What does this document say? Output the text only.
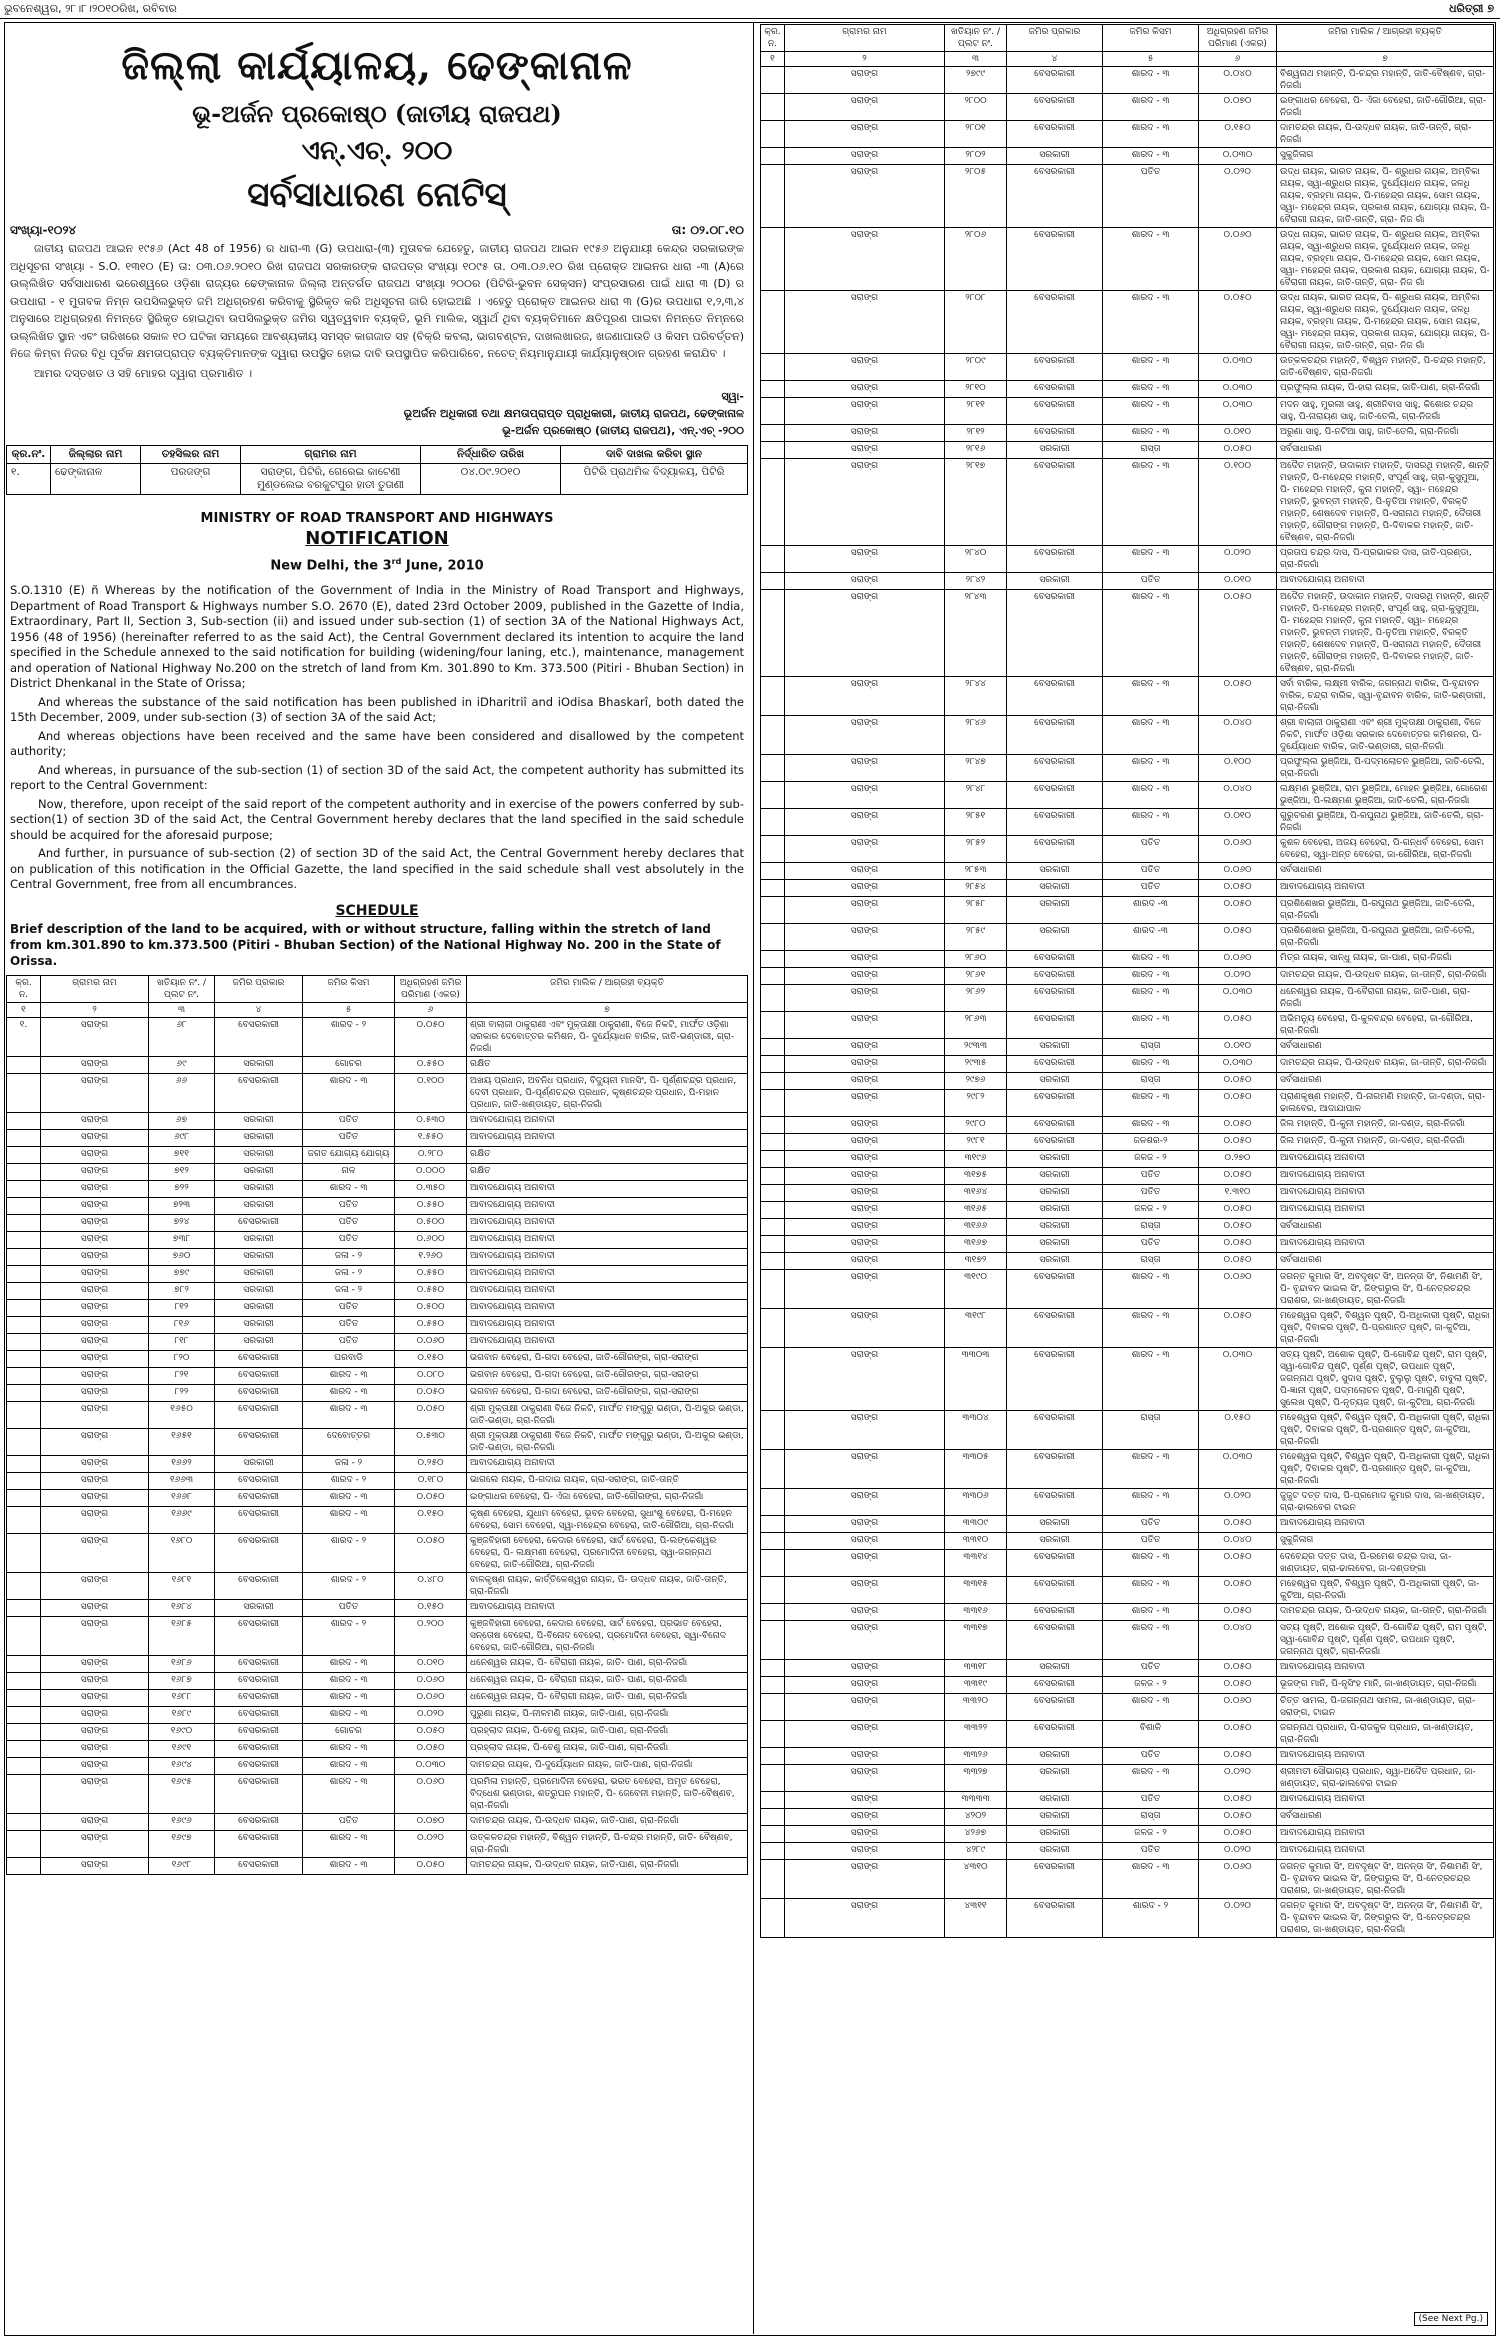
ଭୁବନେଶ୍ୱର, ୨୮।୮।୨୦୧୦ରିଖ, ରବିବାର	ଧରିତ୍ରୀ ୭
ଜିଲ୍ଲା କାର୍ଯ୍ୟାଳୟ, ଢେଙ୍କାନାଳ
ଭୂ-ଅର୍ଜନ ପ୍ରକୋଷ୍ଠ (ଜାତୀୟ ରାଜପଥ)
ଏନ୍.ଏଚ୍. ୨୦୦
ସର୍ବସାଧାରଣ ନୋଟିସ୍
ସଂଖ୍ୟା-୧୦୨୪	ତା: ୦୨.୦୮.୧୦

ଜାତୀୟ ରାଜପଥ ଆଇନ ୧୯୫୬ (Act 48 of 1956) ର ଧାରା-୩ (G) ଉପଧାରା-(୩) ମୁତାବକ ଯେହେତୁ, ଜାତୀୟ ରାଜପଥ ଆଇନ ୧୯୫୬ ଅନୁଯାୟୀ କେନ୍ଦ୍ର ସରକାରଙ୍କ ଅଧିସୂଚନା ସଂଖ୍ୟା - S.O. ୧୩୧୦ (E) ତା: ୦୩.୦୬.୨୦୧୦ ରିଖ ରାଜପଥ ସରକାରଙ୍କ ରାଜପତ୍ର ସଂଖ୍ୟା ୧୦୯୫ ତା. ୦୩.୦୬.୧୦ ରିଖ ପ୍ରୋକ୍ତ ଆଇନର ଧାରା -୩ (A)ରେ ଉଲ୍ଲିଖିତ ସର୍ବସାଧାରଣ ଭରେଶ୍ୱରେ ଓଡ଼ିଶା ରାଜ୍ୟର ଢେଙ୍କାନାଳ ଜିଲ୍ଲା ଅନ୍ତର୍ଗତ ରାଜପଥ ସଂଖ୍ୟା ୨୦୦ର (ପିଟିରି-ଭୁବନ ସେକ୍ସନ) ସଂପ୍ରସାରଣ ପାଇଁ ଧାରା ୩ (D) ର ଉପଧାରା - ୧ ମୁତାବକ ନିମ୍ନ ଉପସିଲଭୁକ୍ତ ଜମି ଅଧିଗ୍ରହଣ କରିବାକୁ ସ୍ଥିରିକୃତ କରି ଅଧିସୂଚନା ଜାରି ହୋଇଅଛି । ଏହେତୁ ପ୍ରୋକ୍ତ ଆଇନର ଧାରା ୩ (G)ର ଉପଧାରା ୧,୨,୩,୪ ଅନୁସାରେ ଅଧିଗ୍ରହଣ ନିମନ୍ତେ ସ୍ଥିରିକୃତ ହୋଇଥିବା ଉପସିଲଭୁକ୍ତ ଜମିର ସ୍ୱତ୍ୱବାନ ବ୍ୟକ୍ତି, ଭୂମି ମାଲିକ, ସ୍ୱାର୍ଥ ଥିବା ବ୍ୟକ୍ତିମାନେ କ୍ଷତିପୂରଣ ପାଇବା ନିମନ୍ତେ ନିମ୍ନରେ ଉଲ୍ଲିଖିତ ସ୍ଥାନ ଏବଂ ତାରିଖରେ ସକାଳ ୧୦ ଘଟିକା ସମୟରେ ଆବଶ୍ୟକୀୟ ସମସ୍ତ କାଗଜାତ ସହ (ବିକ୍ରି କବଲା, ଭାଗବଣ୍ଟନ, ଦାଖଲଖାରଜ, ଖଜଣାପାଉତି ଓ କିସମ ପରିବର୍ତ୍ତନ) ନିଜେ କିମ୍ବା ନିଜର ବିଧି ପୂର୍ବକ କ୍ଷମତାପ୍ରାପ୍ତ ବ୍ୟକ୍ତିମାନଙ୍କ ଦ୍ୱାରା ଉପସ୍ଥିତ ହୋଇ ଦାବି ଉପସ୍ଥାପିତ କରିପାରିବେ, ନଚେତ୍ ନିୟମାନୁଯାୟୀ କାର୍ଯ୍ୟାନୁଷ୍ଠାନ ଗ୍ରହଣ କରାଯିବ ।

ଆମର ଦସ୍ତଖତ ଓ ସହି ମୋହର ଦ୍ୱାରା ପ୍ରମାଣିତ ।

ସ୍ୱା-
ଭୂଅର୍ଜନ ଅଧିକାରୀ ତଥା କ୍ଷମତାପ୍ରାପ୍ତ ପ୍ରାଧିକାରୀ, ଜାତୀୟ ରାଜପଥ, ଢେଙ୍କାନାଳ
ଭୂ-ଅର୍ଜନ ପ୍ରକୋଷ୍ଠ (ଜାତୀୟ ରାଜପଥ), ଏନ୍.ଏଚ୍ -୨୦୦
କ୍ର.ନଂ.	ଜିଲ୍ଲାର ନାମ	ତହସିଲର ନାମ	ଗ୍ରାମର ନାମ	ନିର୍ଦ୍ଧାରିତ ତାରିଖ	ଦାବି ଦାଖଲ କରିବା ସ୍ଥାନ
୧.	ଢେଙ୍କାନାଳ	ପରଜଙ୍ଗ	ସରାଙ୍ଗ, ପିଟିରି, ଗେରେଇ କାଟେଣୀ ମୁଣ୍ଡଲେଇ ବରକୁଟପୁର ହାତୀ ତୁତାଣୀ	୦୪.୦୯.୨୦୧୦	ପିଟିରି ପ୍ରାଥମିକ ବିଦ୍ୟାଳୟ, ପିଟିରି
MINISTRY OF ROAD TRANSPORT AND HIGHWAYS
NOTIFICATION
New Delhi, the 3rd June, 2010

S.O.1310 (E) ñ Whereas by the notification of the Government of India in the Ministry of Road Transport and Highways, Department of Road Transport & Highways number S.O. 2670 (E), dated 23rd October 2009, published in the Gazette of India, Extraordinary, Part II, Section 3, Sub-section (ii) and issued under sub-section (1) of section 3A of the National Highways Act, 1956 (48 of 1956) (hereinafter referred to as the said Act), the Central Government declared its intention to acquire the land specified in the Schedule annexed to the said notification for building (widening/four laning, etc.), maintenance, management and operation of National Highway No.200 on the stretch of land from Km. 301.890 to Km. 373.500 (Pitiri - Bhuban Section) in District Dhenkanal in the State of Orissa;

And whereas the substance of the said notification has been published in iDharitriî and iOdisa Bhaskarî, both dated the 15th December, 2009, under sub-section (3) of section 3A of the said Act;

And whereas objections have been received and the same have been considered and disallowed by the competent authority;

And whereas, in pursuance of the sub-section (1) of section 3D of the said Act, the competent authority has submitted its report to the Central Government:

Now, therefore, upon receipt of the said report of the competent authority and in exercise of the powers conferred by sub-section(1) of section 3D of the said Act, the Central Government hereby declares that the land specified in the said schedule should be acquired for the aforesaid purpose;

And further, in pursuance of sub-section (2) of section 3D of the said Act, the Central Government hereby declares that on publication of this notification in the Official Gazette, the land specified in the said schedule shall vest absolutely in the Central Government, free from all encumbrances.

SCHEDULE
Brief description of the land to be acquired, with or without structure, falling within the stretch of land from km.301.890 to km.373.500 (Pitiri - Bhuban Section) of the National Highway No. 200 in the State of Orissa.
କ୍ର. ନ.	ଗ୍ରାମର ନାମ	ଖତିୟାନ ନଂ. / ପ୍ଲଟ ନଂ.	ଜମିର ପ୍ରକାର	ଜମିର କିସମ	ଅଧିଗ୍ରହଣ ଜମିର ପରିମାଣ (ଏକର)	ଜମିର ମାଲିକ / ଆଗ୍ରହୀ ବ୍ୟକ୍ତି
୧	୨	୩	୪	୫	୬	୭
୧.	ସରାଙ୍ଗ	୬୮	ବେସରକାରୀ	ଶାରଦ - ୨	୦.୦୫୦	ଶ୍ରୀ ବାଲାଜୀ ଠାକୁରାଣୀ ଏବଂ ମୁକ୍ତାକ୍ଷୀ ଠାକୁରାଣୀ, ବିଜେ ନିକଟି, ମାର୍ଫତ ଓଡ଼ିଶା ସରକାର ଦେବୋତ୍ତର କମିଶନ, ପି- ଦୁର୍ଯ୍ୟୋଧନ ବାରିକ, ଜାତି-ଭଣ୍ଡାରୀ, ଗ୍ରା- ନିଜଗାଁ
	ସରାଙ୍ଗ	୬୯	ସରକାରୀ	ଗୋଚର	୦.୫୫୦	ରକ୍ଷିତ
	ସରାଙ୍ଗ	୬୬	ବେସରକାରୀ	ଶାରଦ - ୩	୦.୧୦୦	ଅଖୟ ପ୍ରଧାନ, ଅବନିଧ ପ୍ରଧାନ, ବିଦ୍ୟୁନୀ ମାନସିଂ, ପି- ପୂର୍ଣ୍ଣଚନ୍ଦ୍ର ପ୍ରଧାନ, ଦେବୀ ପ୍ରଧାନ, ପି-ପୂର୍ଣ୍ଣଚନ୍ଦ୍ର ପ୍ରଧାନ, କୃଷ୍ଣଚନ୍ଦ୍ର ପ୍ରଧାନ, ପି-ମହାନ ପ୍ରଧାନ, ଜାତି-ଖଣ୍ଡାୟତ, ଗ୍ରା-ନିଜଗାଁ
	ସରାଙ୍ଗ	୬୭	ସରକାରୀ	ପତିତ	୦.୫୩୦	ଆବାଦଯୋଗ୍ୟ ଅନାବାଦୀ
	ସରାଙ୍ଗ	୬୯୮	ସରକାରୀ	ପତିତ	୧.୫୫୦	ଆବାଦଯୋଗ୍ୟ ଅନାବାଦୀ
	ସରାଙ୍ଗ	୭୧୧	ସରକାରୀ	ଜଗତ ଯୋଗ୍ୟ ଯୋଗ୍ୟ	୦.୨୮୦	ରକ୍ଷିତ
	ସରାଙ୍ଗ	୭୧୨	ସରକାରୀ	ନାଳ	୦.୦୦୦	ରକ୍ଷିତ
	ସରାଙ୍ଗ	୭୨୨	ସରକାରୀ	ଶାରଦ - ୩	୦.୩୫୦	ଆବାଦଯୋଗ୍ୟ ଅନାବାଦୀ
	ସରାଙ୍ଗ	୭୨୩	ସରକାରୀ	ପତିତ	୦.୫୫୦	ଆବାଦଯୋଗ୍ୟ ଅନାବାଦୀ
	ସରାଙ୍ଗ	୭୨୪	ବେସରକାରୀ	ପତିତ	୦.୫୦୦	ଆବାଦଯୋଗ୍ୟ ଅନାବାଦୀ
	ସରାଙ୍ଗ	୭୩୮	ସରକାରୀ	ପତିତ	୦.୬୦୦	ଆବାଦଯୋଗ୍ୟ ଅନାବାଦୀ
	ସରାଙ୍ଗ	୭୬୦	ସରକାରୀ	ଜଳା - ୨	୧.୨୬୦	ଆବାଦଯୋଗ୍ୟ ଅନାବାଦୀ
	ସରାଙ୍ଗ	୭୭୯	ସରକାରୀ	ଜଳା - ୨	୦.୫୫୦	ଆବାଦଯୋଗ୍ୟ ଅନାବାଦୀ
	ସରାଙ୍ଗ	୭୮୨	ସରକାରୀ	ଜଳା - ୨	୦.୫୫୦	ଆବାଦଯୋଗ୍ୟ ଅନାବାଦୀ
	ସରାଙ୍ଗ	୮୧୨	ସରକାରୀ	ପତିତ	୦.୫୦୦	ଆବାଦଯୋଗ୍ୟ ଅନାବାଦୀ
	ସରାଙ୍ଗ	୮୧୬	ସରକାରୀ	ପତିତ	୦.୫୫୦	ଆବାଦଯୋଗ୍ୟ ଅନାବାଦୀ
	ସରାଙ୍ଗ	୮୧୮	ସରକାରୀ	ପତିତ	୦.୦୬୦	ଆବାଦଯୋଗ୍ୟ ଅନାବାଦୀ
	ସରାଙ୍ଗ	୮୨୦	ବେସରକାରୀ	ଘରବାଡି	୦.୧୫୦	ଭଗବାନ ବେହେରା, ପି-ଗଦା ବେହେରା, ଜାତି-ଗୌରଙ୍ଗ, ଗ୍ରା-ସରାଙ୍ଗ
	ସରାଙ୍ଗ	୮୨୧	ବେସରକାରୀ	ଶାରଦ - ୩	୦.୦୮୦	ଭଗବାନ ବେହେରା, ପି-ଗଦା ବେହେରା, ଜାତି-ଗୌରଙ୍ଗ, ଗ୍ରା-ସରାଙ୍ଗ
	ସରାଙ୍ଗ	୮୨୨	ବେସରକାରୀ	ଶାରଦ - ୩	୦.୦୫୦	ଭଗବାନ ବେହେରା, ପି-ଗଦା ବେହେରା, ଜାତି-ଗୌରଙ୍ଗ, ଗ୍ରା-ସରାଙ୍ଗ
	ସରାଙ୍ଗ	୧୬୫୦	ବେସରକାରୀ	ଶାରଦ - ୩	୦.୦୫୦	ଶ୍ରୀ ମୁକ୍ତାକ୍ଷୀ ଠାକୁରାଣୀ ବିଜେ ନିକଟି, ମାର୍ଫତ ମଙ୍ଗୁରୁ ଭଣ୍ଡା, ପି-ଅକୁର ଭଣ୍ଡା, ଜାତି-ଭଣ୍ଡା, ଗ୍ରା-ନିଜଗାଁ
	ସରାଙ୍ଗ	୧୬୫୧	ବେସରକାରୀ	ଦେବୋତ୍ତର	୦.୫୩୦	ଶ୍ରୀ ମୁକ୍ତାକ୍ଷୀ ଠାକୁରାଣୀ ବିଜେ ନିକଟି, ମାର୍ଫତ ମଙ୍ଗୁରୁ ଭଣ୍ଡା, ପି-ଅକୁର ଭଣ୍ଡା, ଜାତି-ଭଣ୍ଡା, ଗ୍ରା-ନିଜଗାଁ
	ସରାଙ୍ଗ	୧୬୬୨	ସରକାରୀ	ଜଳା - ୨	୦.୨୫୦	ଆବାଦଯୋଗ୍ୟ ଅନାବାଦୀ
	ସରାଙ୍ଗ	୧୬୬୩	ବେସରକାରୀ	ଶାରଦ - ୨	୦.୧୮୦	ଭାଗଲେ ନାୟକ, ପି-ଗଦାଇ ନାୟକ, ଗ୍ରା-ସରାଙ୍ଗ, ଜାତି-ତାନ୍ତି
	ସରାଙ୍ଗ	୧୬୬୮	ବେସରକାରୀ	ଶାରଦ - ୩	୦.୦୫୦	ଇଙ୍ଗାଧର ବେହେରା, ପି- ଏଁଜା ବେହେରା, ଜାତି-ଗୌରଙ୍ଗ, ଗ୍ରା-ନିଜଗାଁ
	ସରାଙ୍ଗ	୧୬୬୯	ବେସରକାରୀ	ଶାରଦ - ୩	୦.୧୫୦	କୃଷ୍ଣ ବେହେରା, ଯୁଧାମ ବେହେରା, ଭୂବନ ବେହେରା, ସୁଧାଂଶୁ ବେହେରା, ପି-ମହେନ ବେହେରା, ସୋମ ବେହେରା, ସ୍ୱା-ମହେନ୍ଦ୍ର ବେହେରା, ଜାତି-ଗୌରିଆ, ଗ୍ରା-ନିଜଗାଁ
	ସରାଙ୍ଗ	୧୬୮୦	ବେସରକାରୀ	ଶାରଦ - ୨	୦.୦୫୦	କୁଞ୍ଜବିହାରୀ ବେହେରା, କେଦାର ବେହେରା, ସାର୍ଟ ବେହେରା, ପି-ଲଙ୍କେଶ୍ୱର ବେହେରା, ପି- ଲକ୍ଷ୍ମଣୀ ବେହେରା, ପ୍ରମୋଦିନୀ ବେହେରା, ସ୍ୱା-ଜଗନ୍ନାଥ ବେହେରା, ଜାତି-ଗୌରିଆ, ଗ୍ରା-ନିଜଗାଁ
	ସରାଙ୍ଗ	୧୬୮୧	ବେସରକାରୀ	ଶାରଦ - ୨	୦.୪୮୦	ବାଳକୃଷ୍ଣ ନାୟକ, କାର୍ତ୍ତିକେଶ୍ୱର ନାୟକ, ପି- ଉଦ୍ଧବ ନାୟକ, ଜାତି-ତାନ୍ତି, ଗ୍ରା-ନିଜଗାଁ
	ସରାଙ୍ଗ	୧୬୮୪	ସରକାରୀ	ପତିତ	୦.୧୫୦	ଆବାଦଯୋଗ୍ୟ ଅନାବାଦୀ
	ସରାଙ୍ଗ	୧୬୮୫	ବେସରକାରୀ	ଶାରଦ - ୨	୦.୨୦୦	କୁଞ୍ଜବିହାରୀ ବେହେରା, କେଦାର ବେହେରା, ସାର୍ଟ ବେହେରା, ପ୍ରଭାତ ବେହେରା, ସନ୍ତୋଷ ବେହେରା, ପି-ବିନୋଦ ବେହେରା, ପ୍ରମୋଦିନୀ ବେହେରା, ସ୍ୱା-ବିନୋଦ ବେହେରା, ଜାତି-ଗୌରିଆ, ଗ୍ରା-ନିଜଗାଁ
	ସରାଙ୍ଗ	୧୬୮୬	ବେସରକାରୀ	ଶାରଦ - ୩	୦.୦୧୦	ଧନେଶ୍ୱର ନାୟକ, ପି- ବୈରାଗୀ ନାୟକ, ଜାତି- ପାଣ, ଗ୍ରା-ନିଜଗାଁ
	ସରାଙ୍ଗ	୧୬୮୭	ବେସରକାରୀ	ଶାରଦ - ୩	୦.୦୬୦	ଧନେଶ୍ୱର ନାୟକ, ପି- ବୈରାଗୀ ନାୟକ, ଜାତି- ପାଣ, ଗ୍ରା-ନିଜଗାଁ
	ସରାଙ୍ଗ	୧୬୮୮	ବେସରକାରୀ	ଶାରଦ - ୩	୦.୦୬୦	ଧନେଶ୍ୱର ନାୟକ, ପି- ବୈରାଗୀ ନାୟକ, ଜାତି- ପାଣ, ଗ୍ରା-ନିଜଗାଁ
	ସରାଙ୍ଗ	୧୬୮୯	ବେସରକାରୀ	ଶାରଦ - ୩	୦.୦୨୦	ପୁରୁଣା ନାୟକ, ପି-ନୀଳମଣି ନାୟକ, ଜାତି-ପାଣ, ଗ୍ରା-ନିଜଗାଁ
	ସରାଙ୍ଗ	୧୬୯୦	ବେସରକାରୀ	ଗୋଚର	୦.୦୫୦	ପ୍ରହ୍ଲାଦ ନାୟକ, ପି-ବେଣୁ ନାୟକ, ଜାତି-ପାଣ, ଗ୍ରା-ନିଜଗାଁ
	ସରାଙ୍ଗ	୧୬୯୧	ବେସରକାରୀ	ଶାରଦ - ୩	୦.୦୫୦	ପ୍ରହ୍ଲାଦ ନାୟକ, ପି-ବେଣୁ ନାୟକ, ଜାତି-ପାଣ, ଗ୍ରା-ନିଜଗାଁ
	ସରାଙ୍ଗ	୧୬୯୪	ବେସରକାରୀ	ଶାରଦ - ୩	୦.୦୩୦	ଦାମଚନ୍ଦ୍ର ନାୟକ, ପି-ଦୁର୍ଯ୍ୟୋଧନ ନାୟକ, ଜାତି-ପାଣ, ଗ୍ରା-ନିଜଗାଁ
	ସରାଙ୍ଗ	୧୬୯୫	ବେସରକାରୀ	ଶାରଦ - ୩	୦.୦୬୦	ପ୍ରମିଳା ମହାନ୍ତି, ପ୍ରମୋଦିନୀ ବେହେରା, ଭରତ ବେହେରା, ଅମୃତ ବେହେରା, ବିଦ୍ଧେଶ ଭଣ୍ଡାର, ଶତ୍ରୁଘନ ମହାନ୍ତି, ପି- ଜେବେନୀ ମହାନ୍ତି, ଜାତି-ବୈଷ୍ଣବ, ଗ୍ରା-ନିଜଗାଁ
	ସରାଙ୍ଗ	୧୬୯୬	ବେସରକାରୀ	ପତିତ	୦.୦୭୦	ଦାମଚନ୍ଦ୍ର ନାୟକ, ପି-ଉଦ୍ଧବ ନାୟକ, ଜାତି-ପାଣ, ଗ୍ରା-ନିଜଗାଁ
	ସରାଙ୍ଗ	୧୬୯୭	ବେସରକାରୀ	ଶାରଦ - ୩	୦.୦୨୦	ଉତ୍କଳଚନ୍ଦ୍ର ମହାନ୍ତି, ବିଶ୍ୱନ ମହାନ୍ତି, ପି-ଚନ୍ଦ୍ର ମହାନ୍ତି, ଜାତି- ବୈଷ୍ଣବ, ଗ୍ରା-ନିଜଗାଁ
	ସରାଙ୍ଗ	୧୬୯୮	ବେସରକାରୀ	ଶାରଦ - ୩	୦.୦୫୦	ଦାମଚନ୍ଦ୍ର ନାୟକ, ପି-ଉଦ୍ଧବ ନାୟକ, ଜାତି-ପାଣ, ଗ୍ରା-ନିଜଗାଁ
କ୍ର. ନ.	ଗ୍ରାମର ନାମ	ଖତିୟାନ ନଂ. / ପ୍ଲଟ ନଂ.	ଜମିର ପ୍ରକାର	ଜମିର କିସମ	ଅଧିଗ୍ରହଣ ଜମିର ପରିମାଣ (ଏକର)	ଜମିର ମାଲିକ / ଆଗ୍ରହୀ ବ୍ୟକ୍ତି
୧	୨	୩	୪	୫	୬	୭
	ସରାଙ୍ଗ	୨୭୯୯	ବେସରକାରୀ	ଶାରଦ - ୩	୦.୦୪୦	ବିଶ୍ୱନାଥ ମହାନ୍ତି, ପି-ଚନ୍ଦ୍ର ମହାନ୍ତି, ଜାତି-ବୈଷ୍ଣବ, ଗ୍ରା-ନିଜଗାଁ
	ସରାଙ୍ଗ	୨୮୦୦	ବେସରକାରୀ	ଶାରଦ - ୩	୦.୦୭୦	ଇଙ୍ଗାଧର ବେହେରା, ପି- ଏଁଜା ବେହେରା, ଜାତି-ଗୌରିଆ, ଗ୍ରା- ନିଜଗାଁ
	ସରାଙ୍ଗ	୨୮୦୧	ବେସରକାରୀ	ଶାରଦ - ୩	୦.୧୫୦	ଦାମଚନ୍ଦ୍ର ନାୟକ, ପି-ଉଦ୍ଧବ ନାୟକ, ଜାତି-ତାନ୍ତି, ଗ୍ରା-ନିଜଗାଁ
	ସରାଙ୍ଗ	୨୮୦୨	ସରକାରୀ	ଶାରଦ - ୩	୦.୦୩୦	ସୁକୁଜିଳାଗ
	ସରାଙ୍ଗ	୨୮୦୫	ବେସରକାରୀ	ପତିତ	୦.୦୨୦	ଉଦ୍ଧ ନାୟକ, ଭାରତ ନାୟକ, ପି- ଶ୍ରୁଧର ନାୟକ, ଅମ୍ବିକା ନାୟକ, ସ୍ୱା-ଶ୍ରୁଧର ନାୟକ, ଦୁର୍ଯ୍ୟୋଧନ ନାୟକ, ଜଳଧି ନାୟକ, ବ୍ରହ୍ମା ନାୟକ, ପି-ମହେନ୍ଦ୍ର ନାୟକ, ସୋମ ନାୟକ, ସ୍ୱା- ମହେନ୍ଦ୍ର ନାୟକ, ପ୍ରକାଶ ନାୟକ, ଯୋଗ୍ୟା ନାୟକ, ପି- ବୈରାଗୀ ନାୟକ, ଜାତି-ତାନ୍ତି, ଗ୍ରା- ନିଜ ଗାଁ
	ସରାଙ୍ଗ	୨୮୦୬	ବେସରକାରୀ	ଶାରଦ - ୩	୦.୦୬୦	ଉଦ୍ଧ ନାୟକ, ଭାରତ ନାୟକ, ପି- ଶ୍ରୁଧର ନାୟକ, ଅମ୍ବିକା ନାୟକ, ସ୍ୱା-ଶ୍ରୁଧର ନାୟକ, ଦୁର୍ଯ୍ୟୋଧନ ନାୟକ, ଜଳଧି ନାୟକ, ବ୍ରହ୍ମା ନାୟକ, ପି-ମହେନ୍ଦ୍ର ନାୟକ, ସୋମ ନାୟକ, ସ୍ୱା- ମହେନ୍ଦ୍ର ନାୟକ, ପ୍ରକାଶ ନାୟକ, ଯୋଗ୍ୟା ନାୟକ, ପି- ବୈରାଗୀ ନାୟକ, ଜାତି-ତାନ୍ତି, ଗ୍ରା- ନିଜ ଗାଁ
	ସରାଙ୍ଗ	୨୮୦୮	ବେସରକାରୀ	ଶାରଦ - ୩	୦.୦୫୦	ଉଦ୍ଧ ନାୟକ, ଭାରତ ନାୟକ, ପି- ଶ୍ରୁଧର ନାୟକ, ଅମ୍ବିକା ନାୟକ, ସ୍ୱା-ଶ୍ରୁଧର ନାୟକ, ଦୁର୍ଯ୍ୟୋଧନ ନାୟକ, ଜଳଧି ନାୟକ, ବ୍ରହ୍ମା ନାୟକ, ପି-ମହେନ୍ଦ୍ର ନାୟକ, ସୋମ ନାୟକ, ସ୍ୱା- ମହେନ୍ଦ୍ର ନାୟକ, ପ୍ରକାଶ ନାୟକ, ଯୋଗ୍ୟା ନାୟକ, ପି- ବୈରାଗୀ ନାୟକ, ଜାତି-ତାନ୍ତି, ଗ୍ରା- ନିଜ ଗାଁ
	ସରାଙ୍ଗ	୨୮୦୯	ବେସରକାରୀ	ଶାରଦ - ୩	୦.୦୩୦	ଉତ୍କଳଚନ୍ଦ୍ର ମହାନ୍ତି, ବିଶ୍ୱନ ମହାନ୍ତି, ପି-ଚନ୍ଦ୍ର ମହାନ୍ତି, ଜାତି-ବୈଷ୍ଣବ, ଗ୍ରା-ନିଜଗାଁ
	ସରାଙ୍ଗ	୨୮୧୦	ବେସରକାରୀ	ଶାରଦ - ୩	୦.୦୩୦	ପ୍ରଫୁଲ୍ଲ ନାୟକ, ପି-ହାରା ନାୟକ, ଜାତି-ପାଣ, ଗ୍ରା-ନିଜଗାଁ
	ସରାଙ୍ଗ	୨୮୧୧	ବେସରକାରୀ	ଶାରଦ - ୩	୦.୦୩୦	ମଦନ ସାହୁ, ମୁରଲୀ ସାହୁ, ଶ୍ରୀନିବାସ ସାହୁ, କିଶୋର ଚନ୍ଦ୍ର ସାହୁ, ପି-ନାରାୟଣ ସାହୁ, ଜାତି-ତେଲି, ଗ୍ରା-ନିଜଗାଁ
	ସରାଙ୍ଗ	୨୮୧୨	ବେସରକାରୀ	ଶାରଦ - ୩	୦.୦୧୦	ଅରୁଣା ସାହୁ, ପି-ନଟିଆ ସାହୁ, ଜାତି-ତେଲି, ଗ୍ରା-ନିଜଗାଁ
	ସରାଙ୍ଗ	୨୮୧୬	ସରକାରୀ	ରାସ୍ତା	୦.୦୫୦	ସର୍ବସାଧାରଣ
	ସରାଙ୍ଗ	୨୮୧୭	ବେସରକାରୀ	ଶାରଦ - ୩	୦.୧୦୦	ଅଦୈତ ମହାନ୍ତି, ଉଦାକାନ ମହାନ୍ତି, ଦାସରଥି ମହାନ୍ତି, ଶାନ୍ତି ମହାନ୍ତି, ପି-ମହେନ୍ଦ୍ର ମହାନ୍ତି, ସଂପୂର୍ଣ ସାହୁ, ଗ୍ରା-କୁସୁମୁଆ, ପି- ମହେନ୍ଦ୍ର ମହାନ୍ତି, କୁନା ମହାନ୍ତି, ସ୍ୱା- ମହେନ୍ଦ୍ର ମହାନ୍ତି, ଭୁବନ୍ତୀ ମହାନ୍ତି, ପି-ନୁତିଆ ମହାନ୍ତି, ବିରକ୍ତି ମହାନ୍ତି, ଶେଷଦେବ ମହାନ୍ତି, ପି-ସରାନାଥ ମହାନ୍ତି, ଦୈତାରୀ ମହାନ୍ତି, ଗୌରାଙ୍ଗ ମହାନ୍ତି, ପି-ଦିବାକର ମହାନ୍ତି, ଜାତି-ବୈଷ୍ଣବ, ଗ୍ରା-ନିଜଗାଁ
	ସରାଙ୍ଗ	୨୮୪୦	ବେସରକାରୀ	ଶାରଦ - ୩	୦.୦୨୦	ପ୍ରତାପ ଚନ୍ଦ୍ର ଦାସ, ପି-ପ୍ରଭାକର ଦାସ, ଜାତି-ପ୍ରଣ୍ଡା, ଗ୍ରା-ନିଜଗାଁ
	ସରାଙ୍ଗ	୨୮୪୨	ସରକାରୀ	ପତିତ	୦.୦୧୦	ଆବାଦଯୋଗ୍ୟ ଅନାବାଦୀ
	ସରାଙ୍ଗ	୨୮୪୩	ବେସରକାରୀ	ଶାରଦ - ୩	୦.୦୫୦	ଅଦୈତ ମହାନ୍ତି, ଉଦାକାନ ମହାନ୍ତି, ଦାସରଥି ମହାନ୍ତି, ଶାନ୍ତି ମହାନ୍ତି, ପି-ମହେନ୍ଦ୍ର ମହାନ୍ତି, ସଂପୂର୍ଣ ସାହୁ, ଗ୍ରା-କୁସୁମୁଆ, ପି- ମହେନ୍ଦ୍ର ମହାନ୍ତି, କୁନା ମହାନ୍ତି, ସ୍ୱା- ମହେନ୍ଦ୍ର ମହାନ୍ତି, ଭୁବନ୍ତୀ ମହାନ୍ତି, ପି-ନୁତିଆ ମହାନ୍ତି, ବିରକ୍ତି ମହାନ୍ତି, ଶେଷଦେବ ମହାନ୍ତି, ପି-ସରାନାଥ ମହାନ୍ତି, ଦୈତାରୀ ମହାନ୍ତି, ଗୌରାଙ୍ଗ ମହାନ୍ତି, ପି-ଦିବାକର ମହାନ୍ତି, ଜାତି-ବୈଷ୍ଣବ, ଗ୍ରା-ନିଜଗାଁ
	ସରାଙ୍ଗ	୨୮୪୪	ବେସରକାରୀ	ଶାରଦ - ୩	୦.୦୫୦	ସର୍ବା ବାରିକ, ଲକ୍ଷ୍ମୀ ବାରିକ, ଜଗନ୍ନାଥ ବାରିକ, ପି-ବୃନ୍ଦାବନ ବାରିକ, ଚନ୍ଦ୍ରା ବାରିକ, ସ୍ୱା-ବୃନ୍ଦାବନ ବାରିକ, ଜାତି-ଭଣ୍ଡାରୀ, ଗ୍ରା-ନିଜଗାଁ
	ସରାଙ୍ଗ	୨୮୪୬	ବେସରକାରୀ	ଶାରଦ - ୩	୦.୦୪୦	ଶ୍ରୀ ବାଲାଜୀ ଠାକୁରାଣୀ ଏବଂ ଶ୍ରୀ ମୁକ୍ତାକ୍ଷୀ ଠାକୁରାଣୀ, ବିଜେ ନିକଟି, ମାର୍ଫତ ଓଡ଼ିଶା ସରକାର ଦେବୋତ୍ତର କମିଶନର, ପି-ଦୁର୍ଯ୍ୟୋଧନ ବାରିକ, ଜାତି-ଭଣ୍ଡାରୀ, ଗ୍ରା-ନିଜଗାଁ
	ସରାଙ୍ଗ	୨୮୪୭	ବେସରକାରୀ	ଶାରଦ - ୩	୦.୧୦୦	ପ୍ରଫୁଲ୍ଲ ଭୁଞ୍ଜିଆ, ପି-ପଦ୍ମଲୋଚନ ଭୁଞ୍ଜିଆ, ଜାତି-ତେଲି, ଗ୍ରା-ନିଜଗାଁ
	ସରାଙ୍ଗ	୨୮୪୮	ବେସରକାରୀ	ଶାରଦ - ୩	୦.୦୪୦	ଲକ୍ଷ୍ମଣ ଭୁଞ୍ଜିଆ, ରାମ ଭୁଞ୍ଜିଆ, ମୋହନ ଭୁଞ୍ଜିଆ, ଗୋରେଶ ଭୁଞ୍ଜିଆ, ପି-ଲକ୍ଷ୍ମଣ ଭୁଞ୍ଜିଆ, ଜାତି-ତେଲି, ଗ୍ରା-ନିଜଗାଁ
	ସରାଙ୍ଗ	୨୮୫୧	ବେସରକାରୀ	ଶାରଦ - ୩	୦.୦୧୦	ଗୁରୁଚରଣ ଭୁଞ୍ଜିଆ, ପି-ରଘୁନାଥ ଭୁଞ୍ଜିଆ, ଜାତି-ତେଲି, ଗ୍ରା-ନିଜଗାଁ
	ସରାଙ୍ଗ	୨୮୫୨	ବେସରକାରୀ	ପତିତ	୦.୦୬୦	କୁଶଳ ବେହେରା, ଅଜୟ ବେହେରା, ପି-ଗନ୍ଧର୍ବ ବେହେରା, ସୋମ ବେହେରା, ସ୍ୱା-ଅନ୍ତ ବେହେରା, ଜା-ଗୌରିଆ, ଗ୍ରା-ନିଜଗାଁ
	ସରାଙ୍ଗ	୨୮୫୩	ସରକାରୀ	ପତିତ	୦.୦୬୦	ସର୍ବସାଧାରଣ
	ସରାଙ୍ଗ	୨୮୫୪	ସରକାରୀ	ପତିତ	୦.୦୫୦	ଆବାଦଯୋଗ୍ୟ ଅନାବାଦୀ
	ସରାଙ୍ଗ	୨୮୫୮	ସରକାରୀ	ଶାରଦ -୩	୦.୦୫୦	ପ୍ରଶିଶେଖର ଭୁଞ୍ଜିଆ, ପି-ରଘୁନାଥ ଭୁଞ୍ଜିଆ, ଜାତି-ତେଲି, ଗ୍ରା-ନିଜଗାଁ
	ସରାଙ୍ଗ	୨୮୫୯	ସରକାରୀ	ଶାରଦ -୩	୦.୦୫୦	ପ୍ରଶିଶେଖର ଭୁଞ୍ଜିଆ, ପି-ରଘୁନାଥ ଭୁଞ୍ଜିଆ, ଜାତି-ତେଲି, ଗ୍ରା-ନିଜଗାଁ
	ସରାଙ୍ଗ	୨୮୬୦	ବେସରକାରୀ	ଶାରଦ - ୩	୦.୦୬୦	ମିତ୍ର ନାୟକ, ସାନ୍ଧୁ ନାୟକ, ଜା-ପାଣ, ଗ୍ରା-ନିଜଗାଁ
	ସରାଙ୍ଗ	୨୮୬୧	ବେସରକାରୀ	ଶାରଦ - ୩	୦.୦୨୦	ଦାମଚନ୍ଦ୍ର ନାୟକ, ପି-ଉଦ୍ଧବ ନାୟକ, ଜା-ତାନ୍ତି, ଗ୍ରା-ନିଜଗାଁ
	ସରାଙ୍ଗ	୨୮୬୨	ବେସରକାରୀ	ଶାରଦ - ୩	୦.୦୩୦	ଧନେଶ୍ୱର ନାୟକ, ପି-ବୈରାଗୀ ନାୟକ, ଜାତି-ପାଣ, ଗ୍ରା-ନିଜଗାଁ
	ସରାଙ୍ଗ	୨୮୬୩	ବେସରକାରୀ	ଶାରଦ - ୩	୦.୦୫୦	ଅଭିମନ୍ୟୁ ବେହେରା, ପି-କୁଳବନ୍ଦ୍ର ବେହେରା, ଜା-ଗୌରିଆ, ଗ୍ରା-ନିଜଗାଁ
	ସରାଙ୍ଗ	୨୯୩୩	ସରକାରୀ	ରାସ୍ତା	୦.୦୧୦	ସର୍ବସାଧାରଣ
	ସରାଙ୍ଗ	୨୯୩୫	ବେସରକାରୀ	ଶାରଦ - ୩	୦.୦୩୦	ଦାମଚନ୍ଦ୍ର ନାୟକ, ପି-ଉଦ୍ଧବ ନାୟକ, ଜା-ତାନ୍ତି, ଗ୍ରା-ନିଜଗାଁ
	ସରାଙ୍ଗ	୨୯୭୬	ସରକାରୀ	ରାସ୍ତା	୦.୦୫୦	ସର୍ବସାଧାରଣ
	ସରାଙ୍ଗ	୨୯୮୨	ବେସରକାରୀ	ଶାରଦ - ୩	୦.୦୫୦	ପ୍ରାଣକୃଷ୍ଣ ମହାନ୍ତି, ପି-ନାଗମଣି ମହାନ୍ତି, ଜା-ଦଣ୍ଡା, ଗ୍ରା-ଢାଲବେର, ଆଦାଯାପାଳ
	ସରାଙ୍ଗ	୨୯୮୦	ବେସରକାରୀ	ଶାରଦ - ୩	୦.୦୫୦	ଜିଲ ମହାନ୍ତି, ପି-କୁନୀ ମହାନ୍ତି, ଜା-ଦଣ୍ଡ, ଗ୍ରା-ନିଜଗାଁ
	ସରାଙ୍ଗ	୨୯୮୧	ବେସରକାରୀ	ଜଳଶର-୨	୦.୦୫୦	ଜିଲ ମହାନ୍ତି, ପି-କୁନୀ ମହାନ୍ତି, ଜା-ଦଣ୍ଡ, ଗ୍ରା-ନିଜଗାଁ
	ସରାଙ୍ଗ	୩୧୯୬	ସରକାରୀ	ଜଳଜ - ୨	୦.୨୭୦	ଆବାଦଯୋଗ୍ୟ ଅନାବାଦୀ
	ସରାଙ୍ଗ	୩୧୭୫	ସରକାରୀ	ପତିତ	୦.୦୫୦	ଆବାଦଯୋଗ୍ୟ ଅନାବାଦୀ
	ସରାଙ୍ଗ	୩୧୬୪	ସରକାରୀ	ପତିତ	୧.୩୧୦	ଆବାଦଯୋଗ୍ୟ ଅନାବାଦୀ
	ସରାଙ୍ଗ	୩୧୬୫	ସରକାରୀ	ଜଳଜ - ୨	୦.୦୫୦	ଆବାଦଯୋଗ୍ୟ ଅନାବାଦୀ
	ସରାଙ୍ଗ	୩୧୬୬	ସରକାରୀ	ରାସ୍ତା	୦.୦୫୦	ସର୍ବସାଧାରଣ
	ସରାଙ୍ଗ	୩୧୬୭	ସରକାରୀ	ପତିତ	୦.୦୫୦	ଆବାଦଯୋଗ୍ୟ ଅନାବାଦୀ
	ସରାଙ୍ଗ	୩୧୭୨	ସରକାରୀ	ରାସ୍ତା	୦.୦୫୦	ସର୍ବସାଧାରଣ
	ସରାଙ୍ଗ	୩୧୯୦	ବେସରକାରୀ	ଶାରଦ - ୩	୦.୦୬୦	ଜଗନ୍ତ କୁମାର ସିଂ, ଅବଦୃଷ୍ଟ ସିଂ, ଅନନ୍ତା ସିଂ, ନିଶାମଣି ସିଂ, ପି- ବୃନ୍ଦାବନ ଭାଇଲ ସିଂ, ଜିଙ୍ଗରୁଲ ସିଂ, ପି-ନେତ୍ରଚନ୍ଦ୍ର ପରାଶର, ଜା-ଖଣ୍ଡାୟତ, ଗ୍ରା-ନିଜଗାଁ
	ସରାଙ୍ଗ	୩୧୯୮	ବେସରକାରୀ	ଶାରଦ - ୩	୦.୦୫୦	ମହେଶ୍ୱର ପୃଷ୍ଟି, ବିଶ୍ୱନ ପୃଷ୍ଟି, ପି-ଅଧିକାରୀ ପୃଷ୍ଟି, ରାଧିକା ପୃଷ୍ଟି, ଦିବାକର ପୃଷ୍ଟି, ପି-ପ୍ରଶାନ୍ତ ପୃଷ୍ଟି, ଜା-କୁଟିଆ, ଗ୍ରା-ନିଜଗାଁ
	ସରାଙ୍ଗ	୩୩୦୩	ବେସରକାରୀ	ଶାରଦ - ୩	୦.୦୩୦	ସତ୍ୟ ପୃଷ୍ଟି, ଅଶୋକ ପୃଷ୍ଟି, ପି-ଗୋବିନ୍ଦ ପୃଷ୍ଟି, ରାମ ପୃଷ୍ଟି, ସ୍ୱା-ଗୋବିନ୍ଦ ପୃଷ୍ଟି, ପୂର୍ଣ୍ଣ ପୃଷ୍ଟି, ଉପଧାନ ପୃଷ୍ଟି, ଜଗନ୍ନାଥ ପୃଷ୍ଟି, ସୁଦାସ ପୃଷ୍ଟି, ବୁଲୁଲୁ ପୃଷ୍ଟି, ବାବୁଲା ପୃଷ୍ଟି, ପି-ଜ୍ଞାନୀ ପୃଷ୍ଟି, ପଦ୍ମଲୋଚନ ପୃଷ୍ଟି, ପି-ମାଗୁଣି ପୃଷ୍ଟି, ସୁଲେଖ ପୃଷ୍ଟି, ପି-ନୃତ୍ୟଜ ପୃଷ୍ଟି, ଜା-କୁଟିଆ, ଗ୍ରା-ନିଜଗାଁ
	ସରାଙ୍ଗ	୩୩୦୪	ବେସରକାରୀ	ରାସ୍ତା	୦.୧୫୦	ମହେଶ୍ୱର ପୃଷ୍ଟି, ବିଶ୍ୱନ ପୃଷ୍ଟି, ପି-ଅଧିକାରୀ ପୃଷ୍ଟି, ରାଧିକା ପୃଷ୍ଟି, ଦିବାକର ପୃଷ୍ଟି, ପି-ପ୍ରଶାନ୍ତ ପୃଷ୍ଟି, ଜା-କୁଟିଆ, ଗ୍ରା-ନିଜଗାଁ
	ସରାଙ୍ଗ	୩୩୦୫	ବେସରକାରୀ	ଶାରଦ - ୩	୦.୦୩୦	ମହେଶ୍ୱର ପୃଷ୍ଟି, ବିଶ୍ୱନ ପୃଷ୍ଟି, ପି-ଅଧିକାରୀ ପୃଷ୍ଟି, ରାଧିକା ପୃଷ୍ଟି, ଦିବାକର ପୃଷ୍ଟି, ପି-ପ୍ରଶାନ୍ତ ପୃଷ୍ଟି, ଜା-କୁଟିଆ, ଗ୍ରା-ନିଜଗାଁ
	ସରାଙ୍ଗ	୩୩୦୬	ବେସରକାରୀ	ଶାରଦ - ୩	୦.୦୨୦	ଜୁଜୁଟ ଦତ୍ତ ଦାସ, ପି-ପ୍ରମୋଦ କୁମାର ଦାସ, ଜା-ଖଣ୍ଡାୟତ, ଗ୍ରା-ଢାଲବେର ଟାଇନ
	ସରାଙ୍ଗ	୩୩୦୯	ସରକାରୀ	ପତିତ	୦.୦୫୦	ଆବାଦଯୋଗ୍ୟ ଅନାବାଦୀ
	ସରାଙ୍ଗ	୩୩୧୦	ସରକାରୀ	ପତିତ	୦.୦୪୦	ସୁକୁଜିଳାଗ
	ସରାଙ୍ଗ	୩୩୧୪	ବେସରକାରୀ	ଶାରଦ - ୩	୦.୦୫୦	ଦେବେନ୍ଦ୍ର ଦତ୍ତ ଦାସ, ପି-ରମେଶ ଚନ୍ଦ୍ର ଦାସ, ଜା-ଖଣ୍ଡାୟତ, ଗ୍ରା-ଢାଲବେର, ଜା-ଦଣ୍ଡଙ୍ଗା
	ସରାଙ୍ଗ	୩୩୧୫	ବେସରକାରୀ	ଶାରଦ - ୩	୦.୦୫୦	ମହେଶ୍ୱର ପୃଷ୍ଟି, ବିଶ୍ୱନ ପୃଷ୍ଟି, ପି-ଅଧିକାରୀ ପୃଷ୍ଟି, ଜା-କୁଟିଆ, ଗ୍ରା-ନିଜଗାଁ
	ସରାଙ୍ଗ	୩୩୧୬	ବେସରକାରୀ	ଶାରଦ - ୩	୦.୦୫୦	ଦାମଚନ୍ଦ୍ର ନାୟକ, ପି-ଉଦ୍ଧବ ନାୟକ, ଜା-ତାନ୍ତି, ଗ୍ରା-ନିଜଗାଁ
	ସରାଙ୍ଗ	୩୩୧୭	ବେସରକାରୀ	ଶାରଦ - ୩	୦.୦୪୦	ସତ୍ୟ ପୃଷ୍ଟି, ଅଶୋକ ପୃଷ୍ଟି, ପି-ଗୋବିନ୍ଦ ପୃଷ୍ଟି, ରାମ ପୃଷ୍ଟି, ସ୍ୱା-ଗୋବିନ୍ଦ ପୃଷ୍ଟି, ପୂର୍ଣ୍ଣ ପୃଷ୍ଟି, ଉପଧାନ ପୃଷ୍ଟି, ଜଗନ୍ନାଥ ପୃଷ୍ଟି, ଗ୍ରା-ନିଜଗାଁ
	ସରାଙ୍ଗ	୩୩୧୮	ସରକାରୀ	ପତିତ	୦.୦୫୦	ଆବାଦଯୋଗ୍ୟ ଅନାବାଦୀ
	ସରାଙ୍ଗ	୩୩୧୯	ବେସରକାରୀ	ଜଳଜ - ୨	୦.୦୫୦	ଭୂଜଙ୍ଗ ମାନି, ପି-ନୃସିଂହ ମାନି, ଜା-ଖଣ୍ଡାୟତ, ଗ୍ରା-ନିଜଗାଁ
	ସରାଙ୍ଗ	୩୩୨୦	ବେସରକାରୀ	ଶାରଦ - ୩	୦.୦୬୦	ଚିତ୍ତ ସାମଲ, ପି-ଜଗନ୍ନାଥ ସାମଲ, ଜା-ଖଣ୍ଡାୟତ, ଗ୍ରା-ସରାଙ୍ଗ, ଟାଇନ
	ସରାଙ୍ଗ	୩୩୨୨	ବେସରକାରୀ	ବିଶାଳି	୦.୦୫୦	ଜଗନ୍ନାଥ ପ୍ରଧାନ, ପି-ରାଜକୁଳ ପ୍ରଧାନ, ଜା-ଖଣ୍ଡାୟତ, ଗ୍ରା-ନିଜଗାଁ
	ସରାଙ୍ଗ	୩୩୨୬	ସରକାରୀ	ପତିତ	୦.୦୫୦	ଆବାଦଯୋଗ୍ୟ ଅନାବାଦୀ
	ସରାଙ୍ଗ	୩୩୨୭	ସରକାରୀ	ଶାରଦ - ୩	୦.୦୨୦	ଶ୍ରୀମତୀ ସୌଭାଗ୍ୟ ପ୍ରଧାନ, ସ୍ୱା-ଅଦୈତ ପ୍ରଧାନ, ଜା-ଖଣ୍ଡାୟତ, ଗ୍ରା-ଢାଲବେର ଟାଇନ
	ସରାଙ୍ଗ	୩୩୩୩	ସରକାରୀ	ପତିତ	୦.୦୫୦	ଆବାଦଯୋଗ୍ୟ ଅନାବାଦୀ
	ସରାଙ୍ଗ	୪୨୦୨	ସରକାରୀ	ରାସ୍ତା	୦.୦୫୦	ସର୍ବସାଧାରଣ
	ସରାଙ୍ଗ	୪୨୬୭	ସରକାରୀ	ଜଳଜ - ୨	୦.୦୫୦	ଆବାଦଯୋଗ୍ୟ ଅନାବାଦୀ
	ସରାଙ୍ଗ	୪୨୮୯	ସରକାରୀ	ପତିତ	୦.୦୨୦	ଆବାଦଯୋଗ୍ୟ ଅନାବାଦୀ
	ସରାଙ୍ଗ	୪୩୧୦	ବେସରକାରୀ	ଶାରଦ - ୩	୦.୦୬୦	ଜଗନ୍ତ କୁମାର ସିଂ, ଅବଦୃଷ୍ଟ ସିଂ, ଅନନ୍ତା ସିଂ, ନିଶାମଣି ସିଂ, ପି- ବୃନ୍ଦାବନ ଭାଇଲ ସିଂ, ଜିଙ୍ଗରୁଲ ସିଂ, ପି-ନେତ୍ରଚନ୍ଦ୍ର ପରାଶର, ଜା-ଖଣ୍ଡାୟତ, ଗ୍ରା-ନିଜଗାଁ
	ସରାଙ୍ଗ	୪୩୧୧	ବେସରକାରୀ	ଶାରଦ - ୨	୦.୦୨୦	ଜଗନ୍ତ କୁମାର ସିଂ, ଅବଦୃଷ୍ଟ ସିଂ, ଅନନ୍ତା ସିଂ, ନିଶାମଣି ସିଂ, ପି- ବୃନ୍ଦାବନ ଭାଇଲ ସିଂ, ଜିଙ୍ଗରୁଲ ସିଂ, ପି-ନେତ୍ରଚନ୍ଦ୍ର ପରାଶର, ଜା-ଖଣ୍ଡାୟତ, ଗ୍ରା-ନିଜଗାଁ
(See Next Pg.)
